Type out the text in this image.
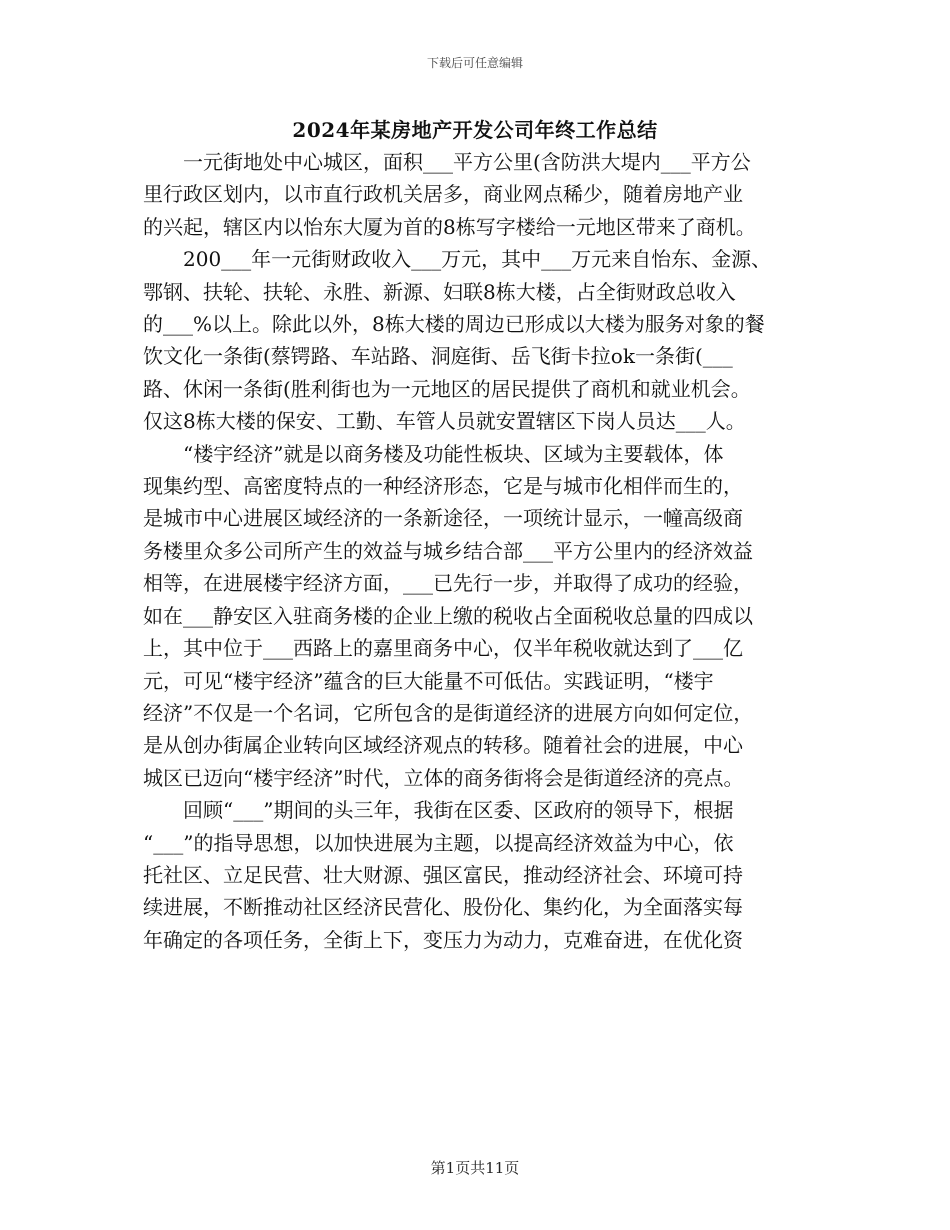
下载后可任意编辑
2024年某房地产开发公司年终工作总结
一元街地处中心城区，面积___平方公里(含防洪大堤内___平方公
里行政区划内，以市直行政机关居多，商业网点稀少，随着房地产业
的兴起，辖区内以怡东大厦为首的8栋写字楼给一元地区带来了商机。
200___年一元街财政收入___万元，其中___万元来自怡东、金源、
鄂钢、扶轮、扶轮、永胜、新源、妇联8栋大楼，占全街财政总收入
的___%以上。除此以外，8栋大楼的周边已形成以大楼为服务对象的餐
饮文化一条街(蔡锷路、车站路、洞庭街、岳飞街卡拉ok一条街(___
路、休闲一条街(胜利街也为一元地区的居民提供了商机和就业机会。
仅这8栋大楼的保安、工勤、车管人员就安置辖区下岗人员达___人。
“楼宇经济”就是以商务楼及功能性板块、区域为主要载体，体
现集约型、高密度特点的一种经济形态，它是与城市化相伴而生的，
是城市中心进展区域经济的一条新途径，一项统计显示，一幢高级商
务楼里众多公司所产生的效益与城乡结合部___平方公里内的经济效益
相等，在进展楼宇经济方面，___已先行一步，并取得了成功的经验，
如在___静安区入驻商务楼的企业上缴的税收占全面税收总量的四成以
上，其中位于___西路上的嘉里商务中心，仅半年税收就达到了___亿
元，可见“楼宇经济”蕴含的巨大能量不可低估。实践证明，“楼宇
经济”不仅是一个名词，它所包含的是街道经济的进展方向如何定位，
是从创办街属企业转向区域经济观点的转移。随着社会的进展，中心
城区已迈向“楼宇经济”时代，立体的商务街将会是街道经济的亮点。
回顾“___”期间的头三年，我街在区委、区政府的领导下，根据
“___”的指导思想，以加快进展为主题，以提高经济效益为中心，依
托社区、立足民营、壮大财源、强区富民，推动经济社会、环境可持
续进展，不断推动社区经济民营化、股份化、集约化，为全面落实每
年确定的各项任务，全街上下，变压力为动力，克难奋进，在优化资
第1页共11页
